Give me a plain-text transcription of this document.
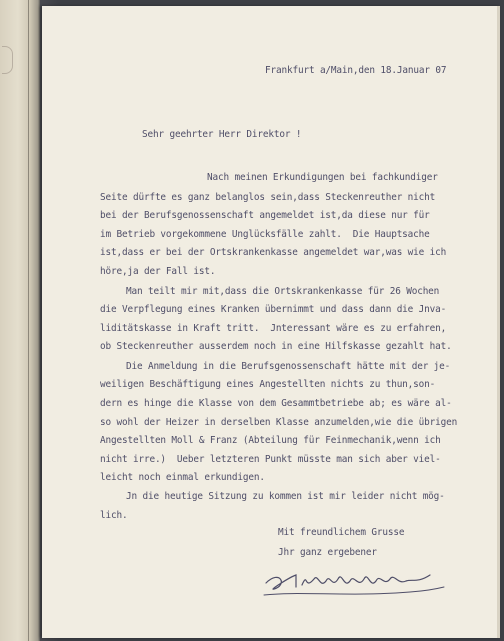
Frankfurt a/Main,den 18.Januar 07
Sehr geehrter Herr Direktor !
Nach meinen Erkundigungen bei fachkundiger
Seite dürfte es ganz belanglos sein,dass Steckenreuther nicht
bei der Berufsgenossenschaft angemeldet ist,da diese nur für
im Betrieb vorgekommene Unglücksfälle zahlt.  Die Hauptsache
ist,dass er bei der Ortskrankenkasse angemeldet war,was wie ich
höre,ja der Fall ist.
Man teilt mir mit,dass die Ortskrankenkasse für 26 Wochen
die Verpflegung eines Kranken übernimmt und dass dann die Jnva-
liditätskasse in Kraft tritt.  Jnteressant wäre es zu erfahren,
ob Steckenreuther ausserdem noch in eine Hilfskasse gezahlt hat.
Die Anmeldung in die Berufsgenossenschaft hätte mit der je-
weiligen Beschäftigung eines Angestellten nichts zu thun,son-
dern es hinge die Klasse von dem Gesammtbetriebe ab; es wäre al-
so wohl der Heizer in derselben Klasse anzumelden,wie die übrigen
Angestellten Moll & Franz (Abteilung für Feinmechanik,wenn ich
nicht irre.)  Ueber letzteren Punkt müsste man sich aber viel-
leicht noch einmal erkundigen.
Jn die heutige Sitzung zu kommen ist mir leider nicht mög-
lich.
Mit freundlichem Grusse
Jhr ganz ergebener
